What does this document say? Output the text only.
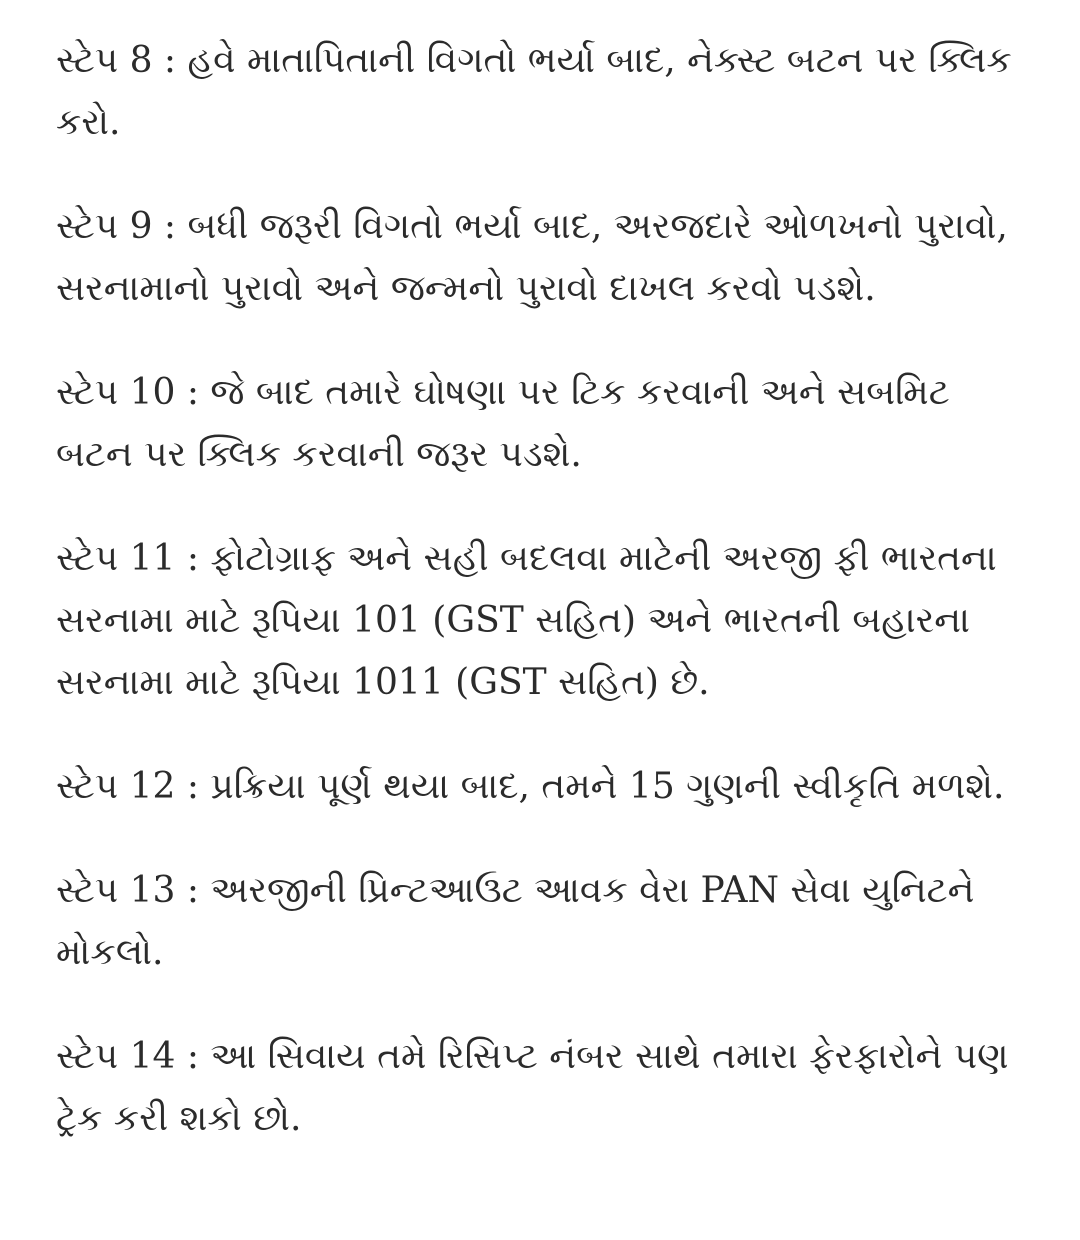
સ્ટેપ 8 : હવે માતાપિતાની વિગતો ભર્યા બાદ, નેક્સ્ટ બટન પર ક્લિક કરો.

સ્ટેપ 9 : બધી જરૂરી વિગતો ભર્યા બાદ, અરજદારે ઓળખનો પુરાવો, સરનામાનો પુરાવો અને જન્મનો પુરાવો દાખલ કરવો પડશે.

સ્ટેપ 10 : જે બાદ તમારે ઘોષણા પર ટિક કરવાની અને સબમિટ બટન પર ક્લિક કરવાની જરૂર પડશે.

સ્ટેપ 11 : ફોટોગ્રાફ અને સહી બદલવા માટેની અરજી ફી ભારતના સરનામા માટે રૂપિયા 101 (GST સહિત) અને ભારતની બહારના સરનામા માટે રૂપિયા 1011 (GST સહિત) છે.

સ્ટેપ 12 : પ્રક્રિયા પૂર્ણ થયા બાદ, તમને 15 ગુણની સ્વીકૃતિ મળશે.

સ્ટેપ 13 : અરજીની પ્રિન્ટઆઉટ આવક વેરા PAN સેવા યુનિટને મોકલો.

સ્ટેપ 14 : આ સિવાય તમે રિસિપ્ટ નંબર સાથે તમારા ફેરફારોને પણ ટ્રેક કરી શકો છો.
